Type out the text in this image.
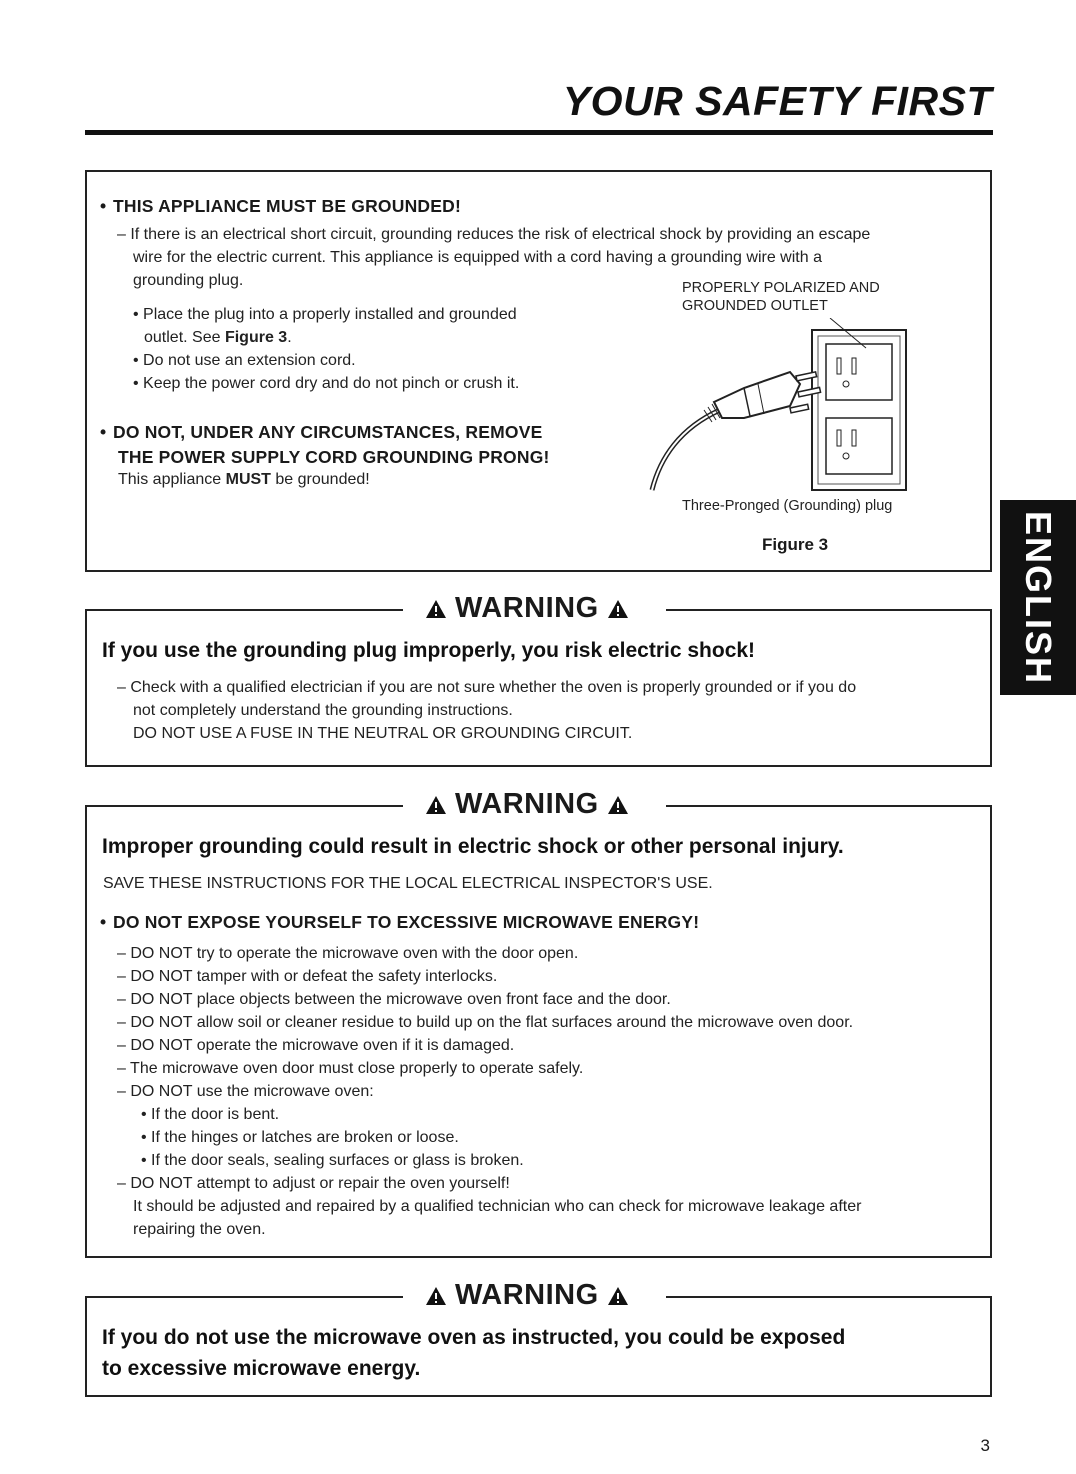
YOUR SAFETY FIRST
ENGLISH
• THIS APPLIANCE MUST BE GROUNDED!
– If there is an electrical short circuit, grounding reduces the risk of electrical shock by providing an escape
wire for the electric current. This appliance is equipped with a cord having a grounding wire with a
grounding plug.
• Place the plug into a properly installed and grounded
outlet. See Figure 3.
• Do not use an extension cord.
• Keep the power cord dry and do not pinch or crush it.
• DO NOT, UNDER ANY CIRCUMSTANCES, REMOVE
THE POWER SUPPLY CORD GROUNDING PRONG!
This appliance MUST be grounded!
PROPERLY POLARIZED AND
GROUNDED OUTLET
Three-Pronged (Grounding) plug
Figure 3
WARNING
If you use the grounding plug improperly, you risk electric shock!
– Check with a qualified electrician if you are not sure whether the oven is properly grounded or if you do
not completely understand the grounding instructions.
DO NOT USE A FUSE IN THE NEUTRAL OR GROUNDING CIRCUIT.
WARNING
Improper grounding could result in electric shock or other personal injury.
SAVE THESE INSTRUCTIONS FOR THE LOCAL ELECTRICAL INSPECTOR'S USE.
• DO NOT EXPOSE YOURSELF TO EXCESSIVE MICROWAVE ENERGY!
– DO NOT try to operate the microwave oven with the door open.
– DO NOT tamper with or defeat the safety interlocks.
– DO NOT place objects between the microwave oven front face and the door.
– DO NOT allow soil or cleaner residue to build up on the flat surfaces around the microwave oven door.
– DO NOT operate the microwave oven if it is damaged.
– The microwave oven door must close properly to operate safely.
– DO NOT use the microwave oven:
• If the door is bent.
• If the hinges or latches are broken or loose.
• If the door seals, sealing surfaces or glass is broken.
– DO NOT attempt to adjust or repair the oven yourself!
It should be adjusted and repaired by a qualified technician who can check for microwave leakage after
repairing the oven.
WARNING
If you do not use the microwave oven as instructed, you could be exposed
to excessive microwave energy.
3
